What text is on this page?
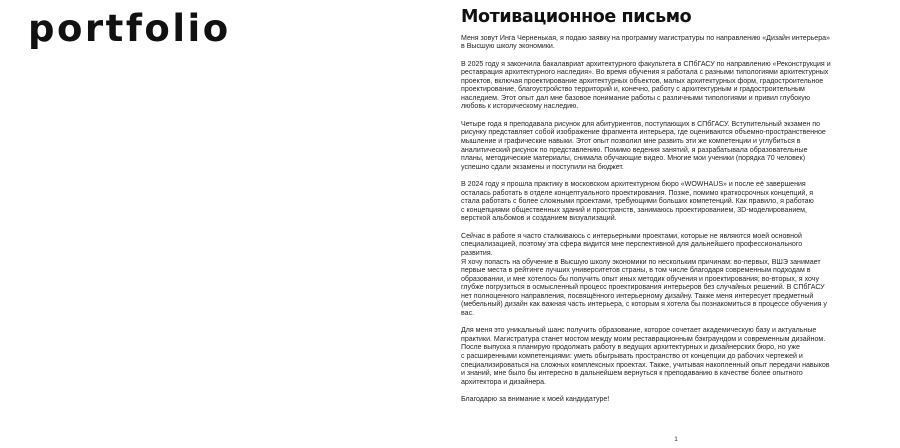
portfolio	Мотивационное письмо
Меня зовут Инга Черненькая, я подаю заявку на программу магистратуры по направлению «Дизайн интерьера»
в Высшую школу экономики.
В 2025 году я закончила бакалавриат архитектурного факультета в СПбГАСУ по направлению «Реконструкция и
реставрация архитектурного наследия». Во время обучения я работала с разными типологиями архитектурных
проектов, включая проектирование архитектурных объектов, малых архитектурных форм, градостроительное
проектирование, благоустройство территорий и, конечно, работу с архитектурным и градостроительным
наследием. Этот опыт дал мне базовое понимание работы с различными типологиями и привил глубокую
любовь к историческому наследию.
Четыре года я преподавала рисунок для абитуриентов, поступающих в СПбГАСУ. Вступительный экзамен по
рисунку представляет собой изображение фрагмента интерьера, где оцениваются объемно-пространственное
мышление и графические навыки. Этот опыт позволил мне развить эти же компетенции и углубиться в
аналитический рисунок по представлению. Помимо ведения занятий, я разрабатывала образовательные
планы, методические материалы, снимала обучающие видео. Многие мои ученики (порядка 70 человек)
успешно сдали экзамены и поступили на бюджет.
В 2024 году я прошла практику в московском архитектурном бюро «WOWHAUS» и после её завершения
осталась работать в отделе концептуального проектирования. Позже, помимо краткосрочных концепций, я
стала работать с более сложными проектами, требующими больших компетенций. Как правило, я работаю
с концепциями общественных зданий и пространств, занимаюсь проектированием, 3D-моделированием,
версткой альбомов и созданием визуализаций.
Сейчас в работе я часто сталкиваюсь с интерьерными проектами, которые не являются моей основной
специализацией, поэтому эта сфера видится мне перспективной для дальнейшего профессионального
развития.
Я хочу попасть на обучение в Высшую школу экономики по нескольким причинам: во-первых, ВШЭ занимает
первые места в рейтинге лучших университетов страны, в том числе благодаря современным подходам в
образовании, и мне хотелось бы получить опыт иных методик обучения и проектирования; во-вторых, я хочу
глубже погрузиться в осмысленный процесс проектирования интерьеров без случайных решений. В СПбГАСУ
нет полноценного направления, посвящённого интерьерному дизайну. Также меня интересует предметный
(мебельный) дизайн как важная часть интерьера, с которым я хотела бы познакомиться в процессе обучения у
вас.
Для меня это уникальный шанс получить образование, которое сочетает академическую базу и актуальные
практики. Магистратура станет мостом между моим реставрационным бэкграундом и современным дизайном.
После выпуска я планирую продолжать работу в ведущих архитектурных и дизайнерских бюро, но уже
с расширенными компетенциями: уметь обыгрывать пространство от концепции до рабочих чертежей и
специализироваться на сложных комплексных проектах. Также, учитывая накопленный опыт передачи навыков
и знаний, мне было бы интересно в дальнейшем вернуться к преподаванию в качестве более опытного
архитектора и дизайнера.
Благодарю за внимание к моей кандидатуре!
1
